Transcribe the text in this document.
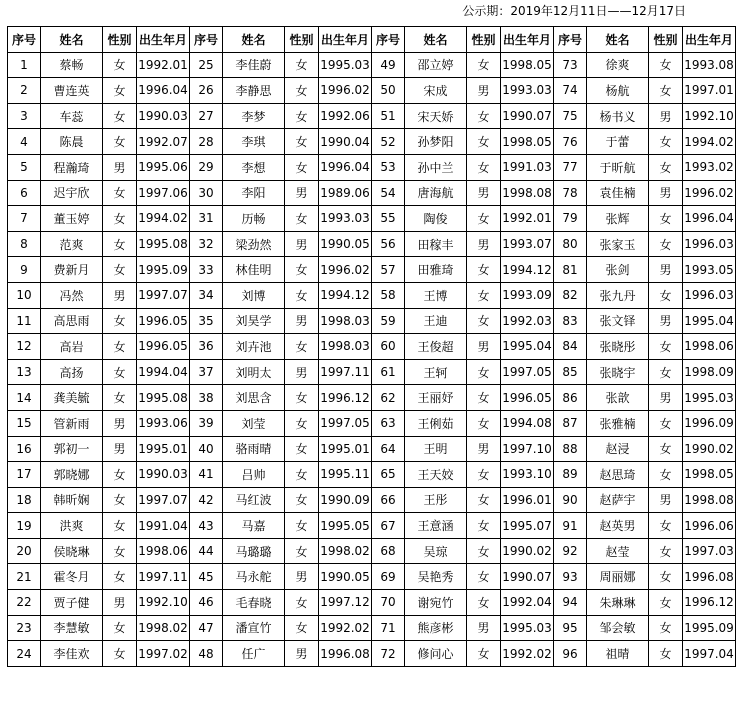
公示期：2019年12月11日——12月17日
序号	姓名	性别	出生年月	序号	姓名	性别	出生年月	序号	姓名	性别	出生年月	序号	姓名	性别	出生年月
1	蔡畅	女	1992.01	25	李佳蔚	女	1995.03	49	邵立婷	女	1998.05	73	徐爽	女	1993.08
2	曹连英	女	1996.04	26	李静思	女	1996.02	50	宋成	男	1993.03	74	杨航	女	1997.01
3	车蕊	女	1990.03	27	李梦	女	1992.06	51	宋天娇	女	1990.07	75	杨书义	男	1992.10
4	陈晨	女	1992.07	28	李琪	女	1990.04	52	孙梦阳	女	1998.05	76	于蕾	女	1994.02
5	程瀚琦	男	1995.06	29	李想	女	1996.04	53	孙中兰	女	1991.03	77	于昕航	女	1993.02
6	迟宇欣	女	1997.06	30	李阳	男	1989.06	54	唐海航	男	1998.08	78	袁佳楠	男	1996.02
7	董玉婷	女	1994.02	31	历畅	女	1993.03	55	陶俊	女	1992.01	79	张辉	女	1996.04
8	范爽	女	1995.08	32	梁劲然	男	1990.05	56	田稼丰	男	1993.07	80	张家玉	女	1996.03
9	费新月	女	1995.09	33	林佳明	女	1996.02	57	田雅琦	女	1994.12	81	张剑	男	1993.05
10	冯然	男	1997.07	34	刘博	女	1994.12	58	王博	女	1993.09	82	张九丹	女	1996.03
11	高思雨	女	1996.05	35	刘昊学	男	1998.03	59	王迪	女	1992.03	83	张文铎	男	1995.04
12	高岩	女	1996.05	36	刘卉池	女	1998.03	60	王俊超	男	1995.04	84	张晓彤	女	1998.06
13	高扬	女	1994.04	37	刘明太	男	1997.11	61	王轲	女	1997.05	85	张晓宇	女	1998.09
14	龚美毓	女	1995.08	38	刘思含	女	1996.12	62	王丽妤	女	1996.05	86	张歆	男	1995.03
15	管新雨	男	1993.06	39	刘莹	女	1997.05	63	王俐茹	女	1994.08	87	张雅楠	女	1996.09
16	郭初一	男	1995.01	40	骆雨晴	女	1995.01	64	王明	男	1997.10	88	赵浸	女	1990.02
17	郭晓娜	女	1990.03	41	吕帅	女	1995.11	65	王天姣	女	1993.10	89	赵思琦	女	1998.05
18	韩昕娴	女	1997.07	42	马红波	女	1990.09	66	王彤	女	1996.01	90	赵萨宇	男	1998.08
19	洪爽	女	1991.04	43	马嘉	女	1995.05	67	王意涵	女	1995.07	91	赵英男	女	1996.06
20	侯晓琳	女	1998.06	44	马璐璐	女	1998.02	68	吴琼	女	1990.02	92	赵莹	女	1997.03
21	霍冬月	女	1997.11	45	马永舵	男	1990.05	69	吴艳秀	女	1990.07	93	周丽娜	女	1996.08
22	贾子健	男	1992.10	46	毛春晓	女	1997.12	70	谢宛竹	女	1992.04	94	朱琳琳	女	1996.12
23	李慧敏	女	1998.02	47	潘宣竹	女	1992.02	71	熊彦彬	男	1995.03	95	邹会敏	女	1995.09
24	李佳欢	女	1997.02	48	任广	男	1996.08	72	修问心	女	1992.02	96	祖晴	女	1997.04
